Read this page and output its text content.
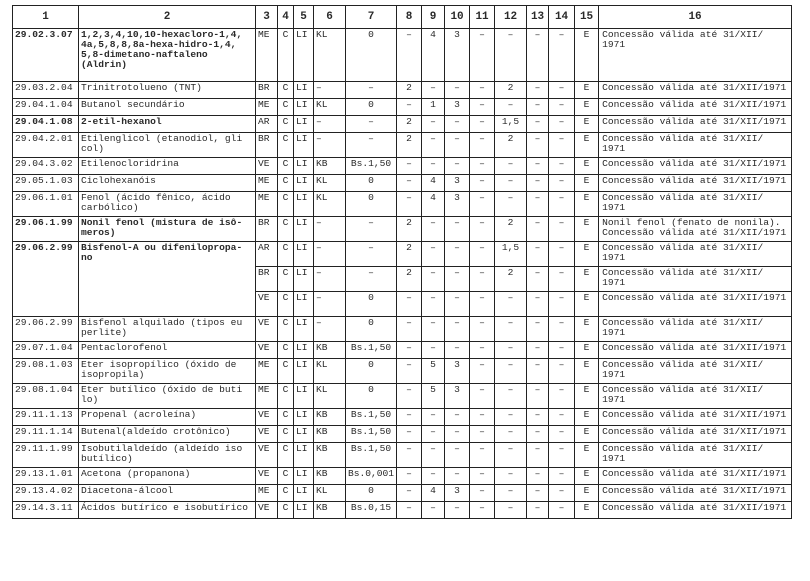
1	2	3	4	5	6	7	8	9	10	11	12	13	14	15	16
29.02.3.07	1,2,3,4,10,10-hexacloro-1,4, 4a,5,8,8,8a-hexa-hidro-1,4, 5,8-dimetano-naftaleno (Aldrin)	ME	C	LI	KL	0	–	4	3	–	–	–	–	E	Concessão válida até 31/XII/ 1971
29.03.2.04	Trinitrotolueno (TNT)	BR	C	LI	–	–	2	–	–	–	2	–	–	E	Concessão válida até 31/XII/1971
29.04.1.04	Butanol secundário	ME	C	LI	KL	0	–	1	3	–	–	–	–	E	Concessão válida até 31/XII/1971
29.04.1.08	2-etil-hexanol	AR	C	LI	–	–	2	–	–	–	1,5	–	–	E	Concessão válida até 31/XII/1971
29.04.2.01	Etilenglicol (etanodiol, gli col)	BR	C	LI	–	–	2	–	–	–	2	–	–	E	Concessão válida até 31/XII/ 1971
29.04.3.02	Etilenocloridrina	VE	C	LI	KB	Bs.1,50	–	–	–	–	–	–	–	E	Concessão válida até 31/XII/1971
29.05.1.03	Ciclohexanóis	ME	C	LI	KL	0	–	4	3	–	–	–	–	E	Concessão válida até 31/XII/1971
29.06.1.01	Fenol (ácido fênico, ácido carbólico)	ME	C	LI	KL	0	–	4	3	–	–	–	–	E	Concessão válida até 31/XII/ 1971
29.06.1.99	Nonil fenol (mistura de isô- meros)	BR	C	LI	–	–	2	–	–	–	2	–	–	E	Nonil fenol (fenato de nonila). Concessão válida até 31/XII/1971
29.06.2.99	Bisfenol-A ou difenilopropa- no	AR	C	LI	–	–	2	–	–	–	1,5	–	–	E	Concessão válida até 31/XII/ 1971
		BR	C	LI	–	–	2	–	–	–	2	–	–	E	Concessão válida até 31/XII/ 1971
		VE	C	LI	–	0	–	–	–	–	–	–	–	E	Concessão válida até 31/XII/1971
29.06.2.99	Bisfenol alquilado (tipos eu perlite)	VE	C	LI	–	0	–	–	–	–	–	–	–	E	Concessão válida até 31/XII/ 1971
29.07.1.04	Pentaclorofenol	VE	C	LI	KB	Bs.1,50	–	–	–	–	–	–	–	E	Concessão válida até 31/XII/1971
29.08.1.03	Eter isopropílico (óxido de isopropila)	ME	C	LI	KL	0	–	5	3	–	–	–	–	E	Concessão válida até 31/XII/ 1971
29.08.1.04	Eter butílico (óxido de buti lo)	ME	C	LI	KL	0	–	5	3	–	–	–	–	E	Concessão válida até 31/XII/ 1971
29.11.1.13	Propenal (acroleína)	VE	C	LI	KB	Bs.1,50	–	–	–	–	–	–	–	E	Concessão válida até 31/XII/1971
29.11.1.14	Butenal(aldeído crotônico)	VE	C	LI	KB	Bs.1,50	–	–	–	–	–	–	–	E	Concessão válida até 31/XII/1971
29.11.1.99	Isobutilaldeído (aldeído iso butílico)	VE	C	LI	KB	Bs.1,50	–	–	–	–	–	–	–	E	Concessão válida até 31/XII/ 1971
29.13.1.01	Acetona (propanona)	VE	C	LI	KB	Bs.0,001	–	–	–	–	–	–	–	E	Concessão válida até 31/XII/1971
29.13.4.02	Diacetona-álcool	ME	C	LI	KL	0	–	4	3	–	–	–	–	E	Concessão válida até 31/XII/1971
29.14.3.11	Ácidos butírico e isobutírico	VE	C	LI	KB	Bs.0,15	–	–	–	–	–	–	–	E	Concessão válida até 31/XII/1971
